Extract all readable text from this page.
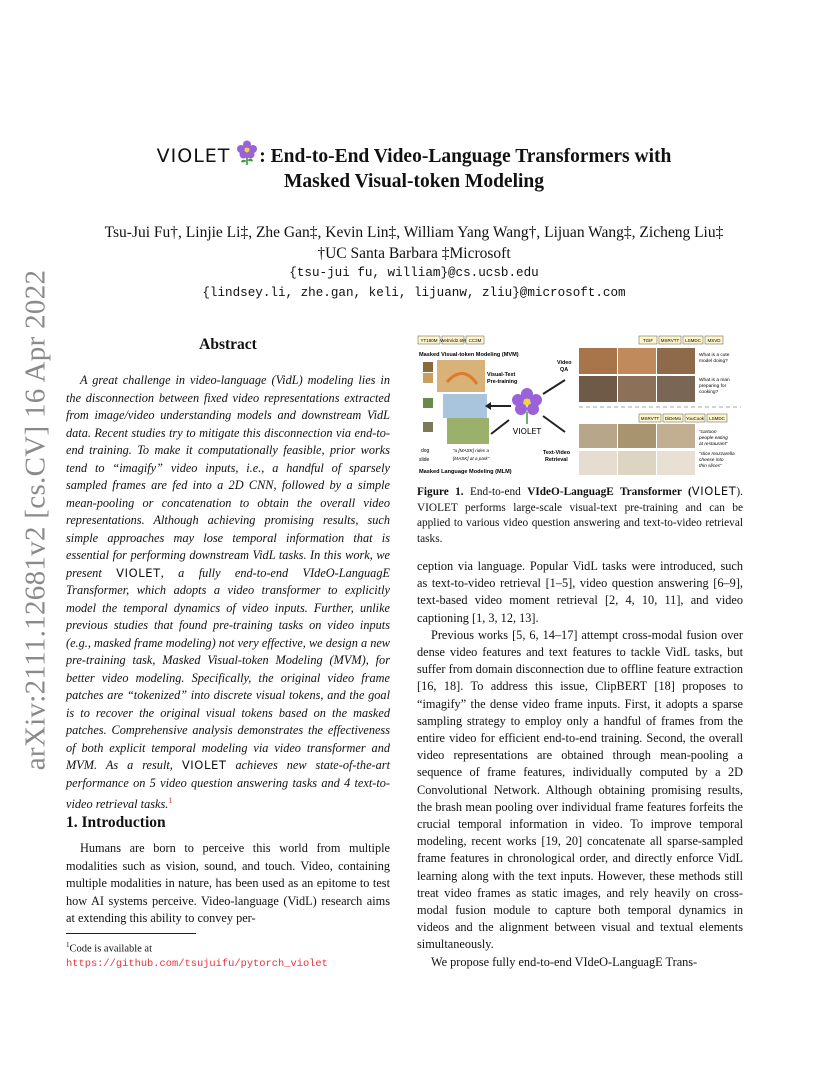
arXiv:2111.12681v2 [cs.CV] 16 Apr 2022
VIOLET : End-to-End Video-Language Transformers with
Masked Visual-token Modeling
Tsu-Jui Fu†, Linjie Li‡, Zhe Gan‡, Kevin Lin‡, William Yang Wang†, Lijuan Wang‡, Zicheng Liu‡
†UC Santa Barbara ‡Microsoft
{tsu-jui fu, william}@cs.ucsb.edu
{lindsey.li, zhe.gan, keli, lijuanw, zliu}@microsoft.com
Abstract
A great challenge in video-language (VidL) modeling lies in the disconnection between fixed video representations extracted from image/video understanding models and downstream VidL data. Recent studies try to mitigate this disconnection via end-to-end training. To make it computationally feasible, prior works tend to “imagify” video inputs, i.e., a handful of sparsely sampled frames are fed into a 2D CNN, followed by a simple mean-pooling or concatenation to obtain the overall video representations. Although achieving promising results, such simple approaches may lose temporal information that is essential for performing downstream VidL tasks. In this work, we present VIOLET, a fully end-to-end VIdeO-LanguagE Transformer, which adopts a video transformer to explicitly model the temporal dynamics of video inputs. Further, unlike previous studies that found pre-training tasks on video inputs (e.g., masked frame modeling) not very effective, we design a new pre-training task, Masked Visual-token Modeling (MVM), for better video modeling. Specifically, the original video frame patches are “tokenized” into discrete visual tokens, and the goal is to recover the original visual tokens based on the masked patches. Comprehensive analysis demonstrates the effectiveness of both explicit temporal modeling via video transformer and MVM. As a result, VIOLET achieves new state-of-the-art performance on 5 video question answering tasks and 4 text-to-video retrieval tasks.$^1$
1. Introduction
Humans are born to perceive this world from multiple modalities such as vision, sound, and touch. Video, containing multiple modalities in nature, has been used as an epitome to test how AI systems perceive. Video-language (VidL) research aims at extending this ability to convey per-
$^1$Code is available at https://github.com/tsujuifu/pytorch_violet
YT180M WebVid2.5M CC3M
Masked Visual-token Modeling (MVM)
Visual-Text
Pre-training
dog
slide
“a [MASK] rides a
[MASK] at a park”
Masked Language Modeling (MLM)
VIOLET
Video
QA
Text-Video
Retrieval
TGIF MSRVTT LSMDC MSVD
What is a cute
model doing?
What is a man
preparing for
cooking?
MSRVTT DiDeMo YouCook LSMDC
“cartoon
people eating
at restaurant”
“slice mozzarella
cheese into
thin slices”
Figure 1. End-to-end VIdeO-LanguagE Transformer (VIOLET). VIOLET performs large-scale visual-text pre-training and can be applied to various video question answering and text-to-video retrieval tasks.

ception via language. Popular VidL tasks were introduced, such as text-to-video retrieval [1–5], video question answering [6–9], text-based video moment retrieval [2, 4, 10, 11], and video captioning [1, 3, 12, 13].

Previous works [5, 6, 14–17] attempt cross-modal fusion over dense video features and text features to tackle VidL tasks, but suffer from domain disconnection due to offline feature extraction [16, 18]. To address this issue, ClipBERT [18] proposes to “imagify” the dense video frame inputs. First, it adopts a sparse sampling strategy to employ only a handful of frames from the entire video for efficient end-to-end training. Second, the overall video representations are obtained through mean-pooling a sequence of frame features, individually computed by a 2D Convolutional Network. Although obtaining promising results, the brash mean pooling over individual frame features forfeits the crucial temporal information in video. To improve temporal modeling, recent works [19, 20] concatenate all sparse-sampled frame features in chronological order, and directly enforce VidL learning along with the text inputs. However, these methods still treat video frames as static images, and rely heavily on cross-modal fusion module to capture both temporal dynamics in videos and the alignment between visual and textual elements simultaneously.

We propose fully end-to-end VIdeO-LanguagE Trans-
